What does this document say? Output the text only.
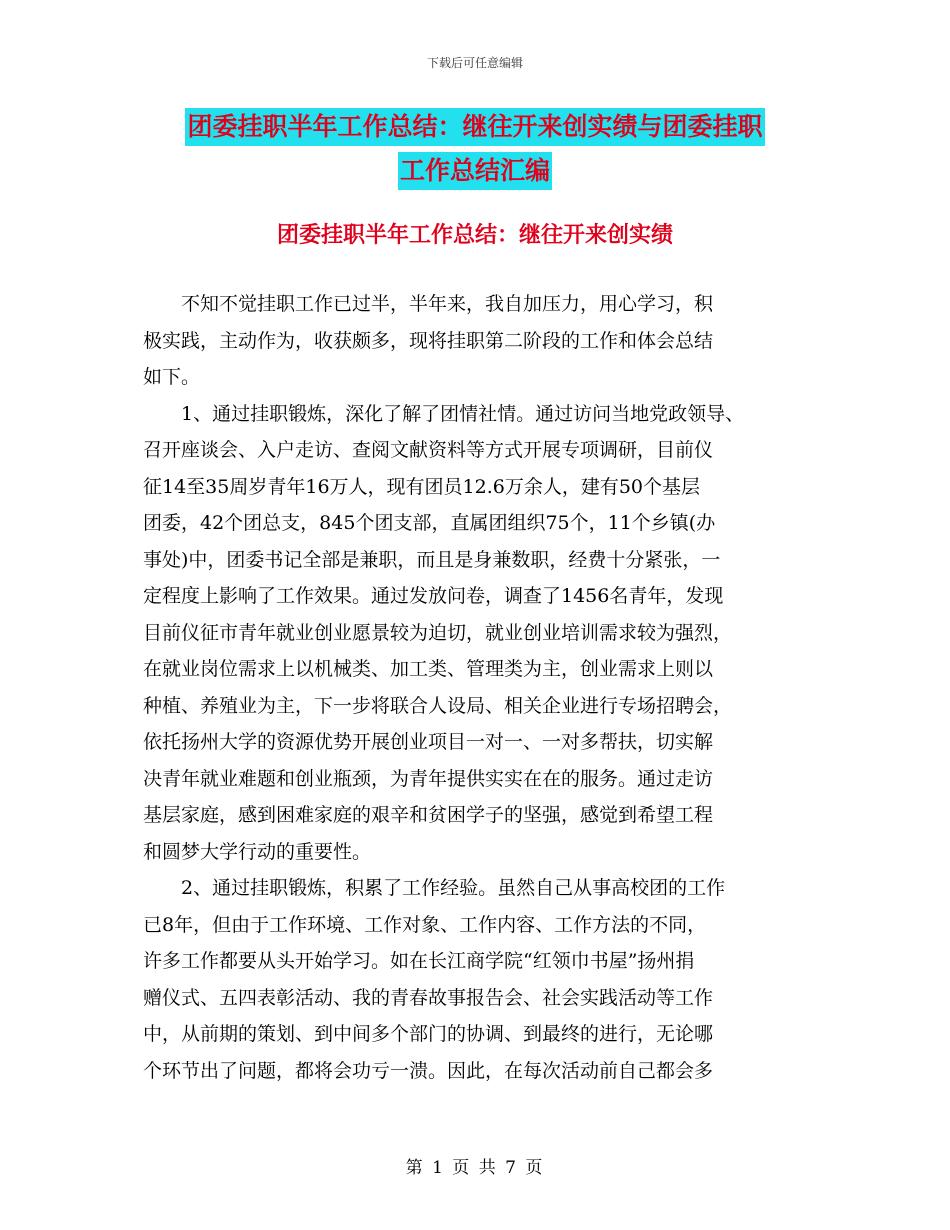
下载后可任意编辑
团委挂职半年工作总结：继往开来创实绩与团委挂职
工作总结汇编
团委挂职半年工作总结：继往开来创实绩
　　不知不觉挂职工作已过半，半年来，我自加压力，用心学习，积
极实践，主动作为，收获颇多，现将挂职第二阶段的工作和体会总结
如下。
　　1、通过挂职锻炼，深化了解了团情社情。通过访问当地党政领导、
召开座谈会、入户走访、查阅文献资料等方式开展专项调研，目前仪
征14至35周岁青年16万人，现有团员12.6万余人，建有50个基层
团委，42个团总支，845个团支部，直属团组织75个，11个乡镇(办
事处)中，团委书记全部是兼职，而且是身兼数职，经费十分紧张，一
定程度上影响了工作效果。通过发放问卷，调查了1456名青年，发现
目前仪征市青年就业创业愿景较为迫切，就业创业培训需求较为强烈，
在就业岗位需求上以机械类、加工类、管理类为主，创业需求上则以
种植、养殖业为主，下一步将联合人设局、相关企业进行专场招聘会，
依托扬州大学的资源优势开展创业项目一对一、一对多帮扶，切实解
决青年就业难题和创业瓶颈，为青年提供实实在在的服务。通过走访
基层家庭，感到困难家庭的艰辛和贫困学子的坚强，感觉到希望工程
和圆梦大学行动的重要性。
　　2、通过挂职锻炼，积累了工作经验。虽然自己从事高校团的工作
已8年，但由于工作环境、工作对象、工作内容、工作方法的不同，
许多工作都要从头开始学习。如在长江商学院“红领巾书屋”扬州捐
赠仪式、五四表彰活动、我的青春故事报告会、社会实践活动等工作
中，从前期的策划、到中间多个部门的协调、到最终的进行，无论哪
个环节出了问题，都将会功亏一溃。因此，在每次活动前自己都会多
第 1 页 共 7 页
